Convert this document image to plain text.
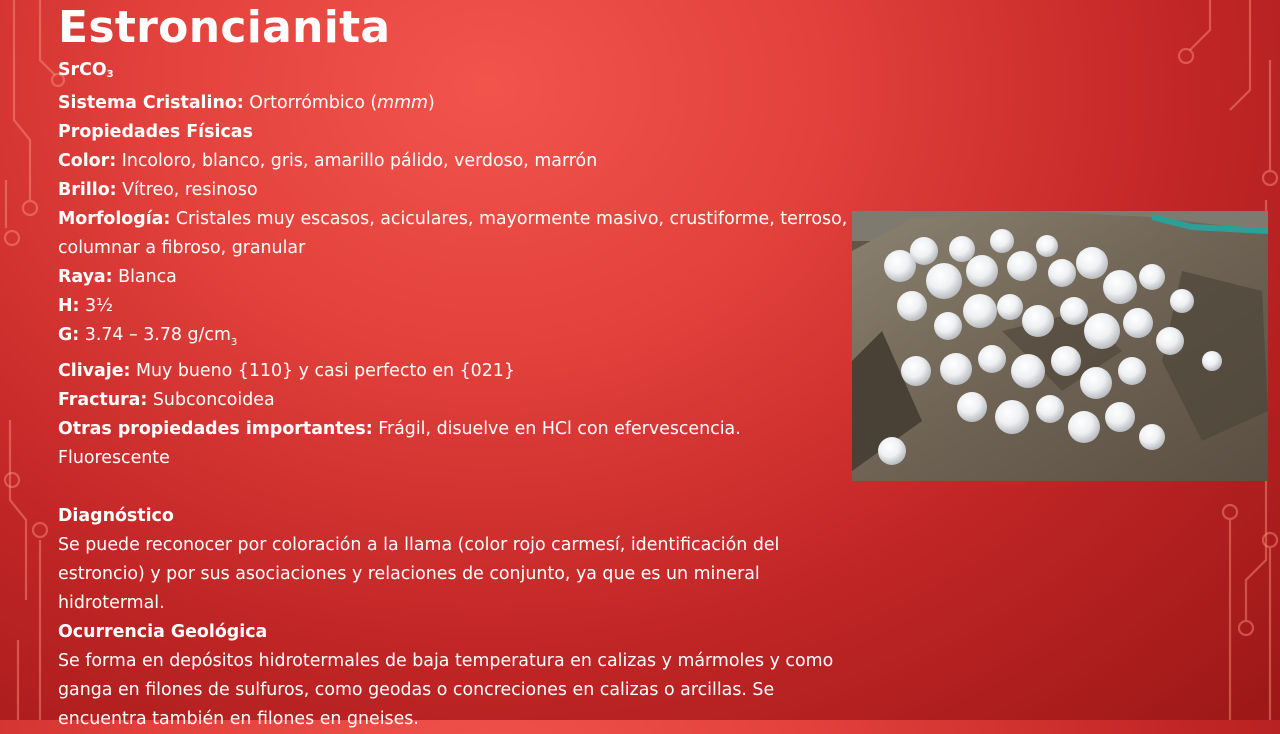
Estroncianita
SrCO$_3$
Sistema Cristalino: Ortorrómbico (mmm)
Propiedades Físicas
Color: Incoloro, blanco, gris, amarillo pálido, verdoso, marrón
Brillo: Vítreo, resinoso
Morfología: Cristales muy escasos, aciculares, mayormente masivo, crustiforme, terroso, columnar a fibroso, granular
Raya: Blanca
H: 3½
G: 3.74 – 3.78 $g/cm_3$
Clivaje: Muy bueno {110} y casi perfecto en {021}
Fractura: Subconcoidea
Otras propiedades importantes: Frágil, disuelve en HCl con efervescencia. Fluorescente
Diagnóstico
Se puede reconocer por coloración a la llama (color rojo carmesí, identificación del estroncio) y por sus asociaciones y relaciones de conjunto, ya que es un mineral hidrotermal.
Ocurrencia Geológica
Se forma en depósitos hidrotermales de baja temperatura en calizas y mármoles y como ganga en filones de sulfuros, como geodas o concreciones en calizas o arcillas. Se encuentra también en filones en gneises.
